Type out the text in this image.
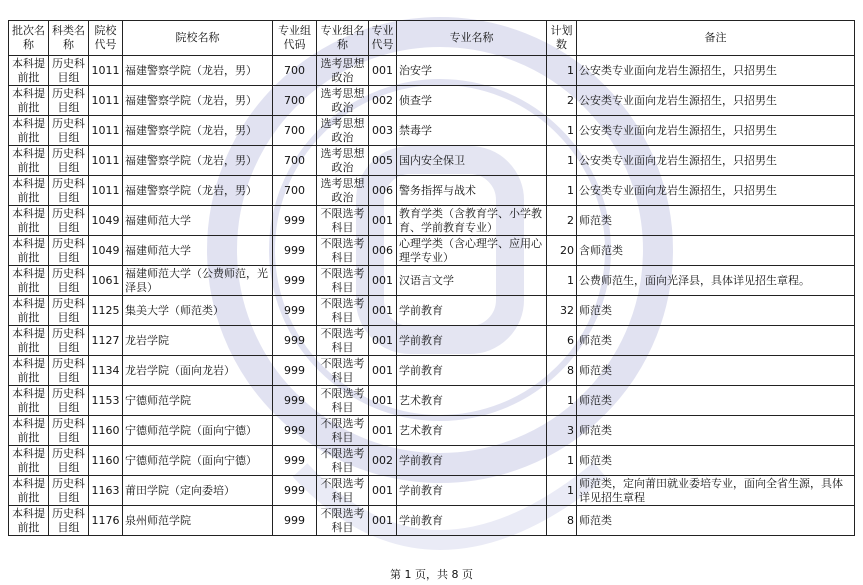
批次名称	科类名称	院校代号	院校名称	专业组代码	专业组名称	专业代号	专业名称	计划数	备注
本科提前批	历史科目组	1011	福建警察学院（龙岩，男）	700	选考思想政治	001	治安学	1	公安类专业面向龙岩生源招生，只招男生
本科提前批	历史科目组	1011	福建警察学院（龙岩，男）	700	选考思想政治	002	侦查学	2	公安类专业面向龙岩生源招生，只招男生
本科提前批	历史科目组	1011	福建警察学院（龙岩，男）	700	选考思想政治	003	禁毒学	1	公安类专业面向龙岩生源招生，只招男生
本科提前批	历史科目组	1011	福建警察学院（龙岩，男）	700	选考思想政治	005	国内安全保卫	1	公安类专业面向龙岩生源招生，只招男生
本科提前批	历史科目组	1011	福建警察学院（龙岩，男）	700	选考思想政治	006	警务指挥与战术	1	公安类专业面向龙岩生源招生，只招男生
本科提前批	历史科目组	1049	福建师范大学	999	不限选考科目	001	教育学类（含教育学、小学教育、学前教育专业）	2	师范类
本科提前批	历史科目组	1049	福建师范大学	999	不限选考科目	006	心理学类（含心理学、应用心理学专业）	20	含师范类
本科提前批	历史科目组	1061	福建师范大学（公费师范，光泽县）	999	不限选考科目	001	汉语言文学	1	公费师范生，面向光泽县，具体详见招生章程。
本科提前批	历史科目组	1125	集美大学（师范类）	999	不限选考科目	001	学前教育	32	师范类
本科提前批	历史科目组	1127	龙岩学院	999	不限选考科目	001	学前教育	6	师范类
本科提前批	历史科目组	1134	龙岩学院（面向龙岩）	999	不限选考科目	001	学前教育	8	师范类
本科提前批	历史科目组	1153	宁德师范学院	999	不限选考科目	001	艺术教育	1	师范类
本科提前批	历史科目组	1160	宁德师范学院（面向宁德）	999	不限选考科目	001	艺术教育	3	师范类
本科提前批	历史科目组	1160	宁德师范学院（面向宁德）	999	不限选考科目	002	学前教育	1	师范类
本科提前批	历史科目组	1163	莆田学院（定向委培）	999	不限选考科目	001	学前教育	1	师范类，定向莆田就业委培专业，面向全省生源，具体详见招生章程
本科提前批	历史科目组	1176	泉州师范学院	999	不限选考科目	001	学前教育	8	师范类
第 1 页，共 8 页
